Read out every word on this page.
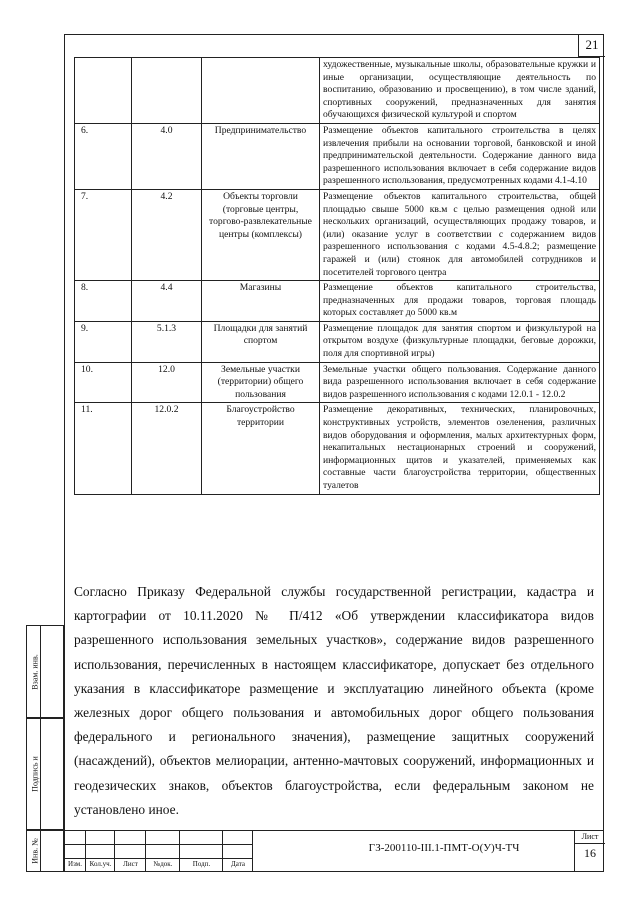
21
			художественные, музыкальные школы, образовательные кружки и иные организации, осуществляющие деятельность по воспитанию, образованию и просвещению), в том числе зданий, спортивных сооружений, предназначенных для занятия обучающихся физической культурой и спортом
6.	4.0	Предпринимательство	Размещение объектов капитального строительства в целях извлечения прибыли на основании торговой, банковской и иной предпринимательской деятельности. Содержание данного вида разрешенного использования включает в себя содержание видов разрешенного использования, предусмотренных кодами 4.1-4.10
7.	4.2	Объекты торговли (торговые центры, торгово-развлекательные центры (комплексы)	Размещение объектов капитального строительства, общей площадью свыше 5000 кв.м с целью размещения одной или нескольких организаций, осуществляющих продажу товаров, и (или) оказание услуг в соответствии с содержанием видов разрешенного использования с кодами 4.5-4.8.2; размещение гаражей и (или) стоянок для автомобилей сотрудников и посетителей торгового центра
8.	4.4	Магазины	Размещение объектов капитального строительства, предназначенных для продажи товаров, торговая площадь которых составляет до 5000 кв.м
9.	5.1.3	Площадки для занятий спортом	Размещение площадок для занятия спортом и физкультурой на открытом воздухе (физкультурные площадки, беговые дорожки, поля для спортивной игры)
10.	12.0	Земельные участки (территории) общего пользования	Земельные участки общего пользования. Содержание данного вида разрешенного использования включает в себя содержание видов разрешенного использования с кодами 12.0.1 - 12.0.2
11.	12.0.2	Благоустройство территории	Размещение декоративных, технических, планировочных, конструктивных устройств, элементов озеленения, различных видов оборудования и оформления, малых архитектурных форм, некапитальных нестационарных строений и сооружений, информационных щитов и указателей, применяемых как составные части благоустройства территории, общественных туалетов
Согласно Приказу Федеральной службы государственной регистрации, кадастра и картографии от 10.11.2020 № П/412 «Об утверждении классификатора видов разрешенного использования земельных участков», содержание видов разрешенного использования, перечисленных в настоящем классификаторе, допускает без отдельного указания в классификаторе размещение и эксплуатацию линейного объекта (кроме железных дорог общего пользования и автомобильных дорог общего пользования федерального и регионального значения), размещение защитных сооружений (насаждений), объектов мелиорации, антенно-мачтовых сооружений, информационных и геодезических знаков, объектов благоустройства, если федеральным законом не установлено иное.
Взам. инв.
Подпись и
Инв. №
Изм.	Кол.уч.	Лист	№док.	Подп.	Дата
ГЗ-200110-III.1-ПМТ-О(У)Ч-ТЧ
Лист
16
